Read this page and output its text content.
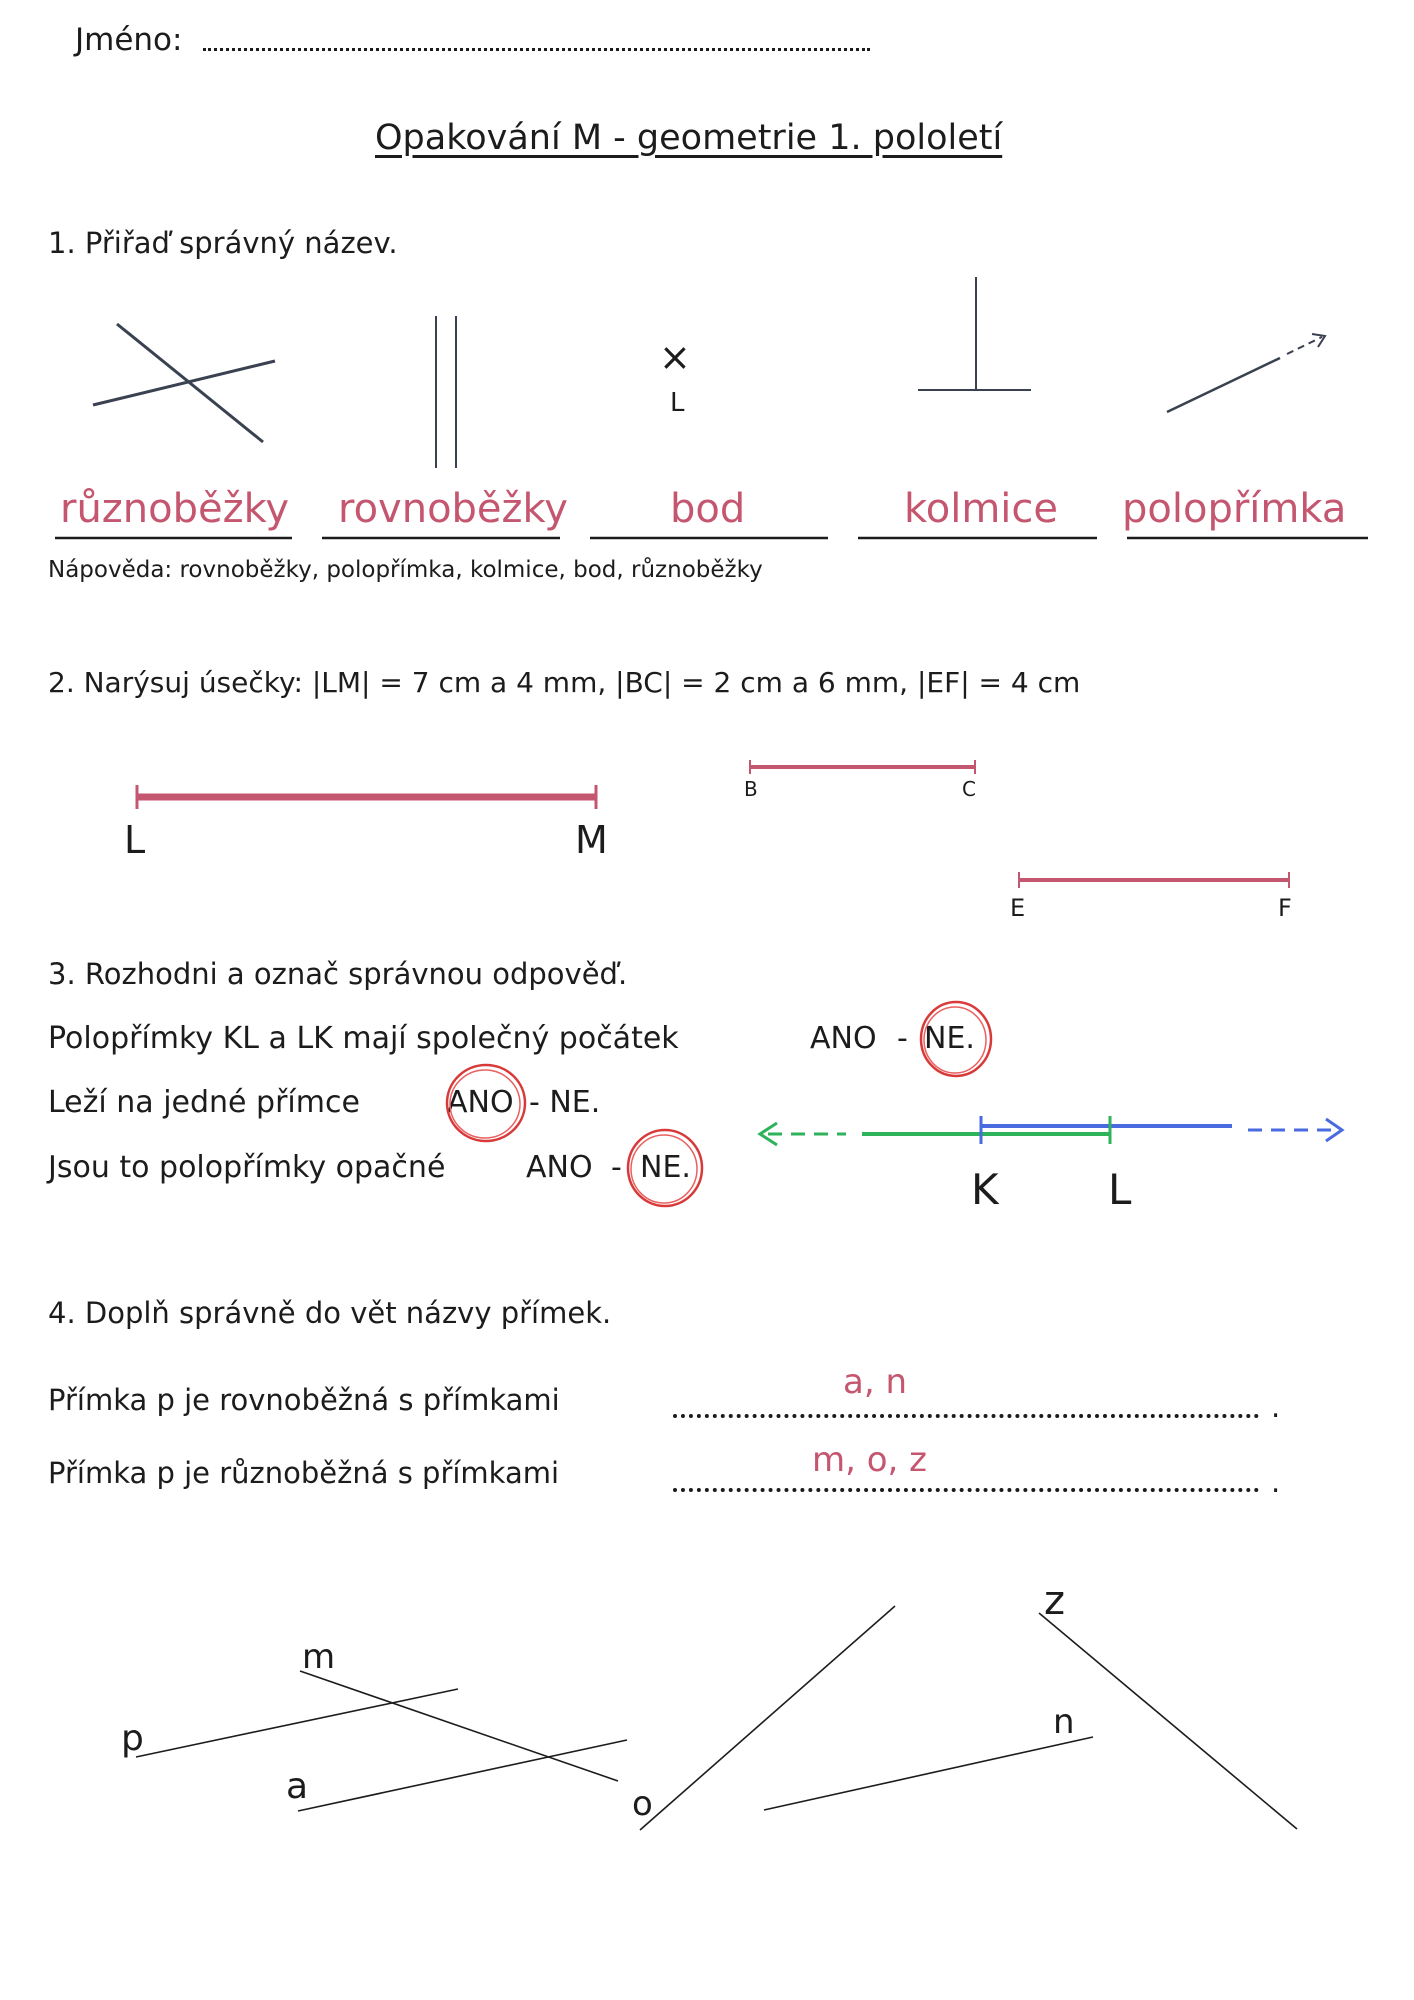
Jméno:
Opakování M - geometrie 1. pololetí
1. Přiřaď správný název.
×
L
různoběžky rovnoběžky	bod	kolmice polopřímka
Nápověda: rovnoběžky, polopřímka, kolmice, bod, různoběžky
2. Narýsuj úsečky: |LM| = 7 cm a 4 mm, |BC| = 2 cm a 6 mm, |EF| = 4 cm
L	M
B	C
E	F
3. Rozhodni a označ správnou odpověď.
Polopřímky KL a LK mají společný počátek	ANO - NE.
Leží na jedné přímce	ANO - NE.
Jsou to polopřímky opačné	ANO - NE.	K	L
4. Doplň správně do vět názvy přímek.
Přímka p je rovnoběžná s přímkami	.
a, n
Přímka p je různoběžná s přímkami	.
m, o, z
p
m
a	o
z
n
